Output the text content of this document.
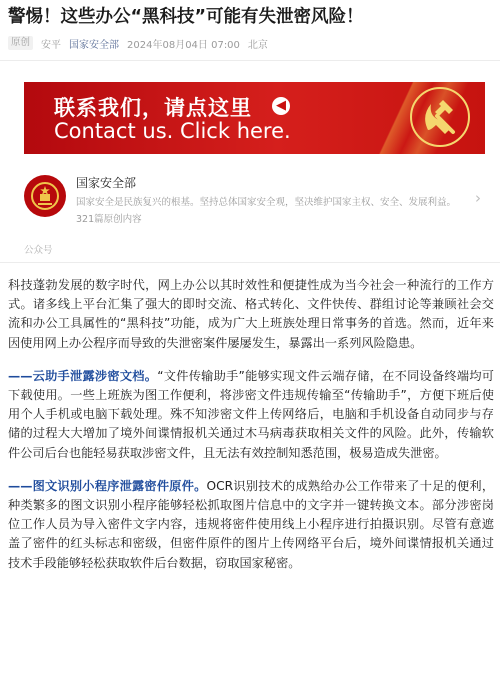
警惕！这些办公“黑科技”可能有失泄密风险！
原创	安平 国家安全部 2024年08月04日 07:00 北京
联系我们，请点这里	◀
Contact us. Click here.
国家安全部
国家安全是民族复兴的根基。坚持总体国家安全观，坚决维护国家主权、安全、发展利益。
321篇原创内容
›
公众号

科技蓬勃发展的数字时代，网上办公以其时效性和便捷性成为当今社会一种流行的工作方式。诸多线上平台汇集了强大的即时交流、格式转化、文件快传、群组讨论等兼顾社会交流和办公工具属性的“黑科技”功能，成为广大上班族处理日常事务的首选。然而，近年来因使用网上办公程序而导致的失泄密案件屡屡发生，暴露出一系列风险隐患。

——云助手泄露涉密文档。“文件传输助手”能够实现文件云端存储，在不同设备终端均可下载使用。一些上班族为图工作便利，将涉密文件违规传输至“传输助手”，方便下班后使用个人手机或电脑下载处理。殊不知涉密文件上传网络后，电脑和手机设备自动同步与存储的过程大大增加了境外间谍情报机关通过木马病毒获取相关文件的风险。此外，传输软件公司后台也能轻易获取涉密文件，且无法有效控制知悉范围，极易造成失泄密。

——图文识别小程序泄露密件原件。OCR识别技术的成熟给办公工作带来了十足的便利，种类繁多的图文识别小程序能够轻松抓取图片信息中的文字并一键转换文本。部分涉密岗位工作人员为导入密件文字内容，违规将密件使用线上小程序进行拍摄识别。尽管有意遮盖了密件的红头标志和密级，但密件原件的图片上传网络平台后，境外间谍情报机关通过技术手段能够轻松获取软件后台数据，窃取国家秘密。
